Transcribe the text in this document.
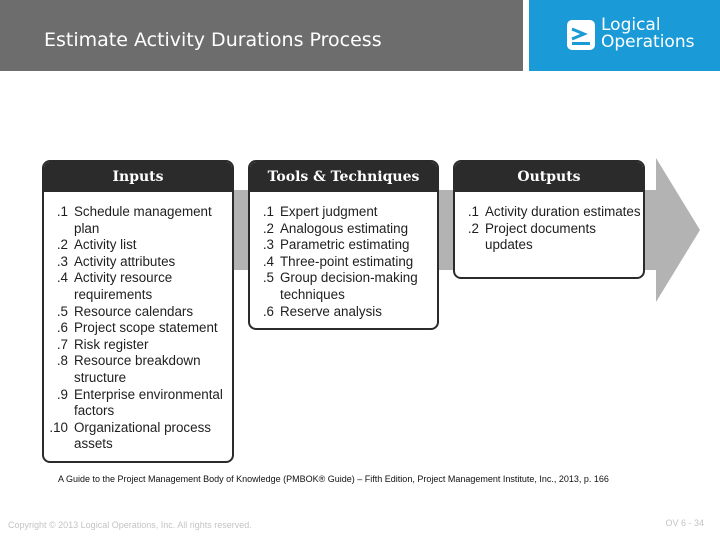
Estimate Activity Durations Process
Logical
Operations
Inputs
.1 Schedule management plan
.2 Activity list
.3 Activity attributes
.4 Activity resource requirements
.5 Resource calendars
.6 Project scope statement
.7 Risk register
.8 Resource breakdown structure
.9 Enterprise environmental factors
.10 Organizational process assets
Tools & Techniques
.1 Expert judgment
.2 Analogous estimating
.3 Parametric estimating
.4 Three-point estimating
.5 Group decision-making techniques
.6 Reserve analysis
Outputs
.1 Activity duration estimates
.2 Project documents updates
A Guide to the Project Management Body of Knowledge (PMBOK® Guide) – Fifth Edition, Project Management Institute, Inc., 2013, p. 166
Copyright © 2013 Logical Operations, Inc. All rights reserved.	OV 6 - 34
